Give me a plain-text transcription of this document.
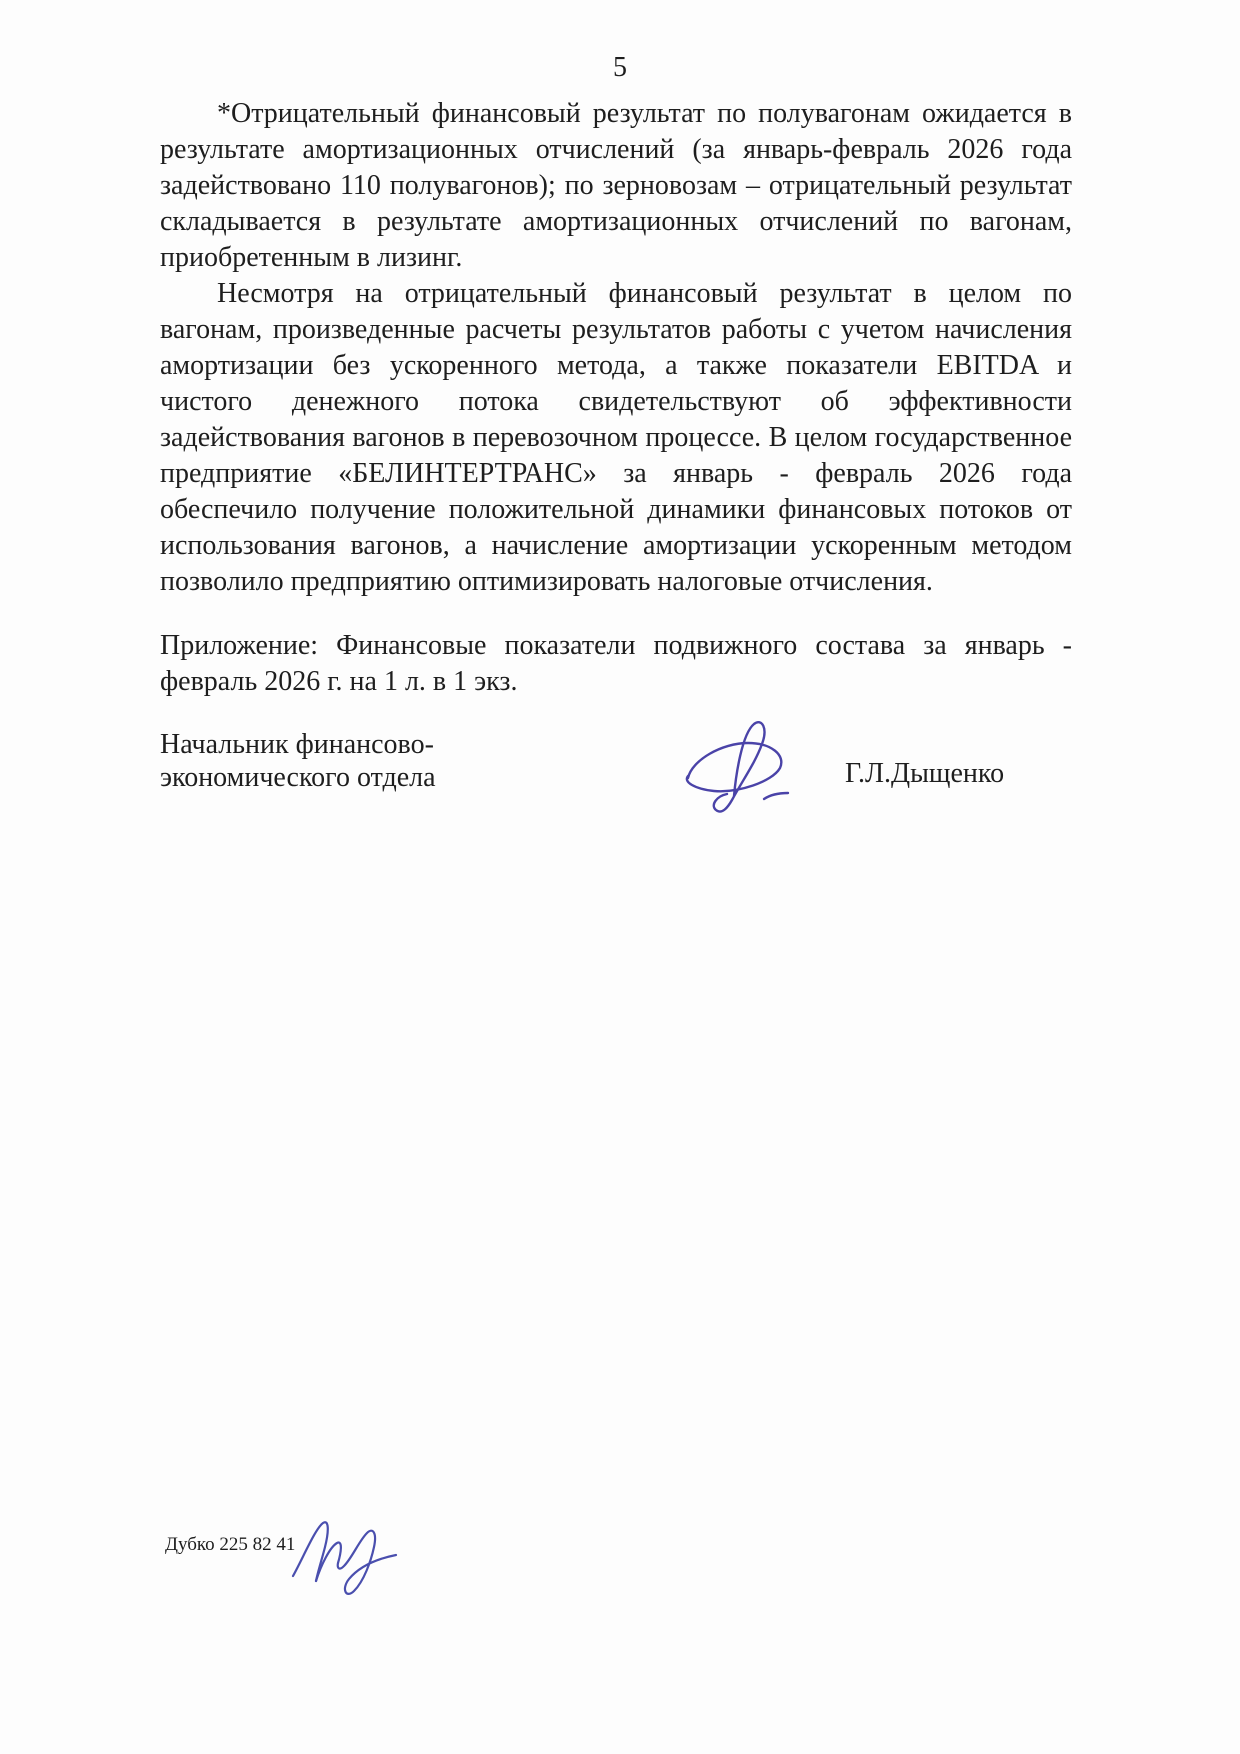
5

*Отрицательный финансовый результат по полувагонам ожидается в результате амортизационных отчислений (за январь-февраль 2026 года задействовано 110 полувагонов); по зерновозам – отрицательный результат складывается в результате амортизационных отчислений по вагонам, приобретенным в лизинг.

Несмотря на отрицательный финансовый результат в целом по вагонам, произведенные расчеты результатов работы с учетом начисления амортизации без ускоренного метода, а также показатели EBITDA и чистого денежного потока свидетельствуют об эффективности задействования вагонов в перевозочном процессе. В целом государственное предприятие «БЕЛИНТЕРТРАНС» за январь - февраль 2026 года обеспечило получение положительной динамики финансовых потоков от использования вагонов, а начисление амортизации ускоренным методом позволило предприятию оптимизировать налоговые отчисления.

Приложение: Финансовые показатели подвижного состава за январь - февраль 2026 г. на 1 л. в 1 экз.

Начальник финансово-
экономического отдела	Г.Л.Дыщенко
Дубко 225 82 41
